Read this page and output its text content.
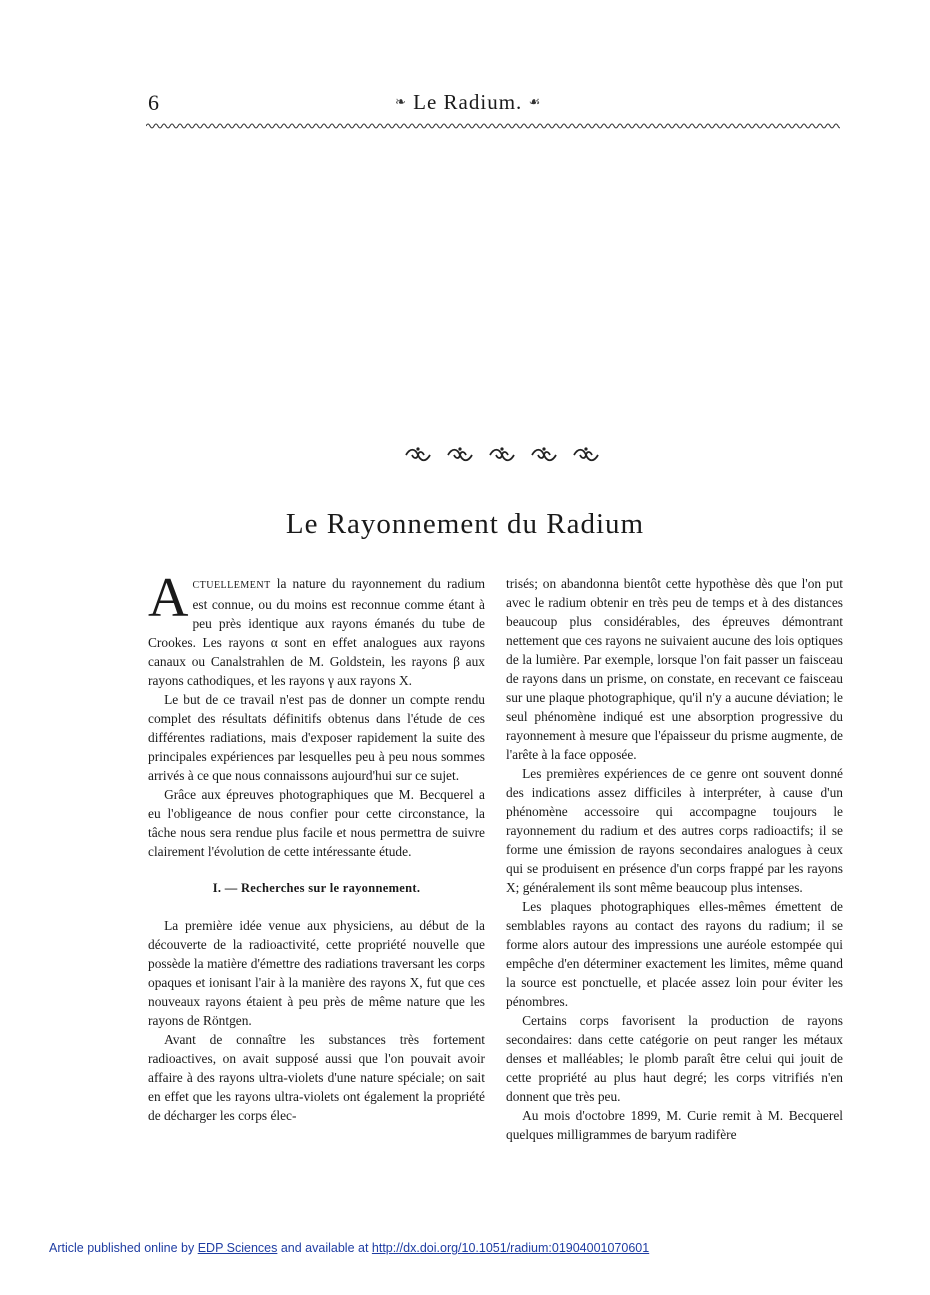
6	❧ Le Radium. ☙
Le Rayonnement du Radium

ACTUELLEMENT la nature du rayonnement du radium est connue, ou du moins est reconnue comme étant à peu près identique aux rayons émanés du tube de Crookes. Les rayons α sont en effet analogues aux rayons canaux ou Canalstrahlen de M. Goldstein, les rayons β aux rayons cathodiques, et les rayons γ aux rayons X.

Le but de ce travail n'est pas de donner un compte rendu complet des résultats définitifs obtenus dans l'étude de ces différentes radiations, mais d'exposer rapidement la suite des principales expériences par lesquelles peu à peu nous sommes arrivés à ce que nous connaissons aujourd'hui sur ce sujet.

Grâce aux épreuves photographiques que M. Becquerel a eu l'obligeance de nous confier pour cette circonstance, la tâche nous sera rendue plus facile et nous permettra de suivre clairement l'évolution de cette intéressante étude.

I. — Recherches sur le rayonnement.

La première idée venue aux physiciens, au début de la découverte de la radioactivité, cette propriété nouvelle que possède la matière d'émettre des radiations traversant les corps opaques et ionisant l'air à la manière des rayons X, fut que ces nouveaux rayons étaient à peu près de même nature que les rayons de Röntgen.

Avant de connaître les substances très fortement radioactives, on avait supposé aussi que l'on pouvait avoir affaire à des rayons ultra-violets d'une nature spéciale; on sait en effet que les rayons ultra-violets ont également la propriété de décharger les corps élec-

trisés; on abandonna bientôt cette hypothèse dès que l'on put avec le radium obtenir en très peu de temps et à des distances beaucoup plus considérables, des épreuves démontrant nettement que ces rayons ne suivaient aucune des lois optiques de la lumière. Par exemple, lorsque l'on fait passer un faisceau de rayons dans un prisme, on constate, en recevant ce faisceau sur une plaque photographique, qu'il n'y a aucune déviation; le seul phénomène indiqué est une absorption progressive du rayonnement à mesure que l'épaisseur du prisme augmente, de l'arête à la face opposée.

Les premières expériences de ce genre ont souvent donné des indications assez difficiles à interpréter, à cause d'un phénomène accessoire qui accompagne toujours le rayonnement du radium et des autres corps radioactifs; il se forme une émission de rayons secondaires analogues à ceux qui se produisent en présence d'un corps frappé par les rayons X; généralement ils sont même beaucoup plus intenses.

Les plaques photographiques elles-mêmes émettent de semblables rayons au contact des rayons du radium; il se forme alors autour des impressions une auréole estompée qui empêche d'en déterminer exactement les limites, même quand la source est ponctuelle, et placée assez loin pour éviter les pénombres.

Certains corps favorisent la production de rayons secondaires: dans cette catégorie on peut ranger les métaux denses et malléables; le plomb paraît être celui qui jouit de cette propriété au plus haut degré; les corps vitrifiés n'en donnent que très peu.

Au mois d'octobre 1899, M. Curie remit à M. Becquerel quelques milligrammes de baryum radifère

Article published online by EDP Sciences and available at http://dx.doi.org/10.1051/radium:01904001070601
